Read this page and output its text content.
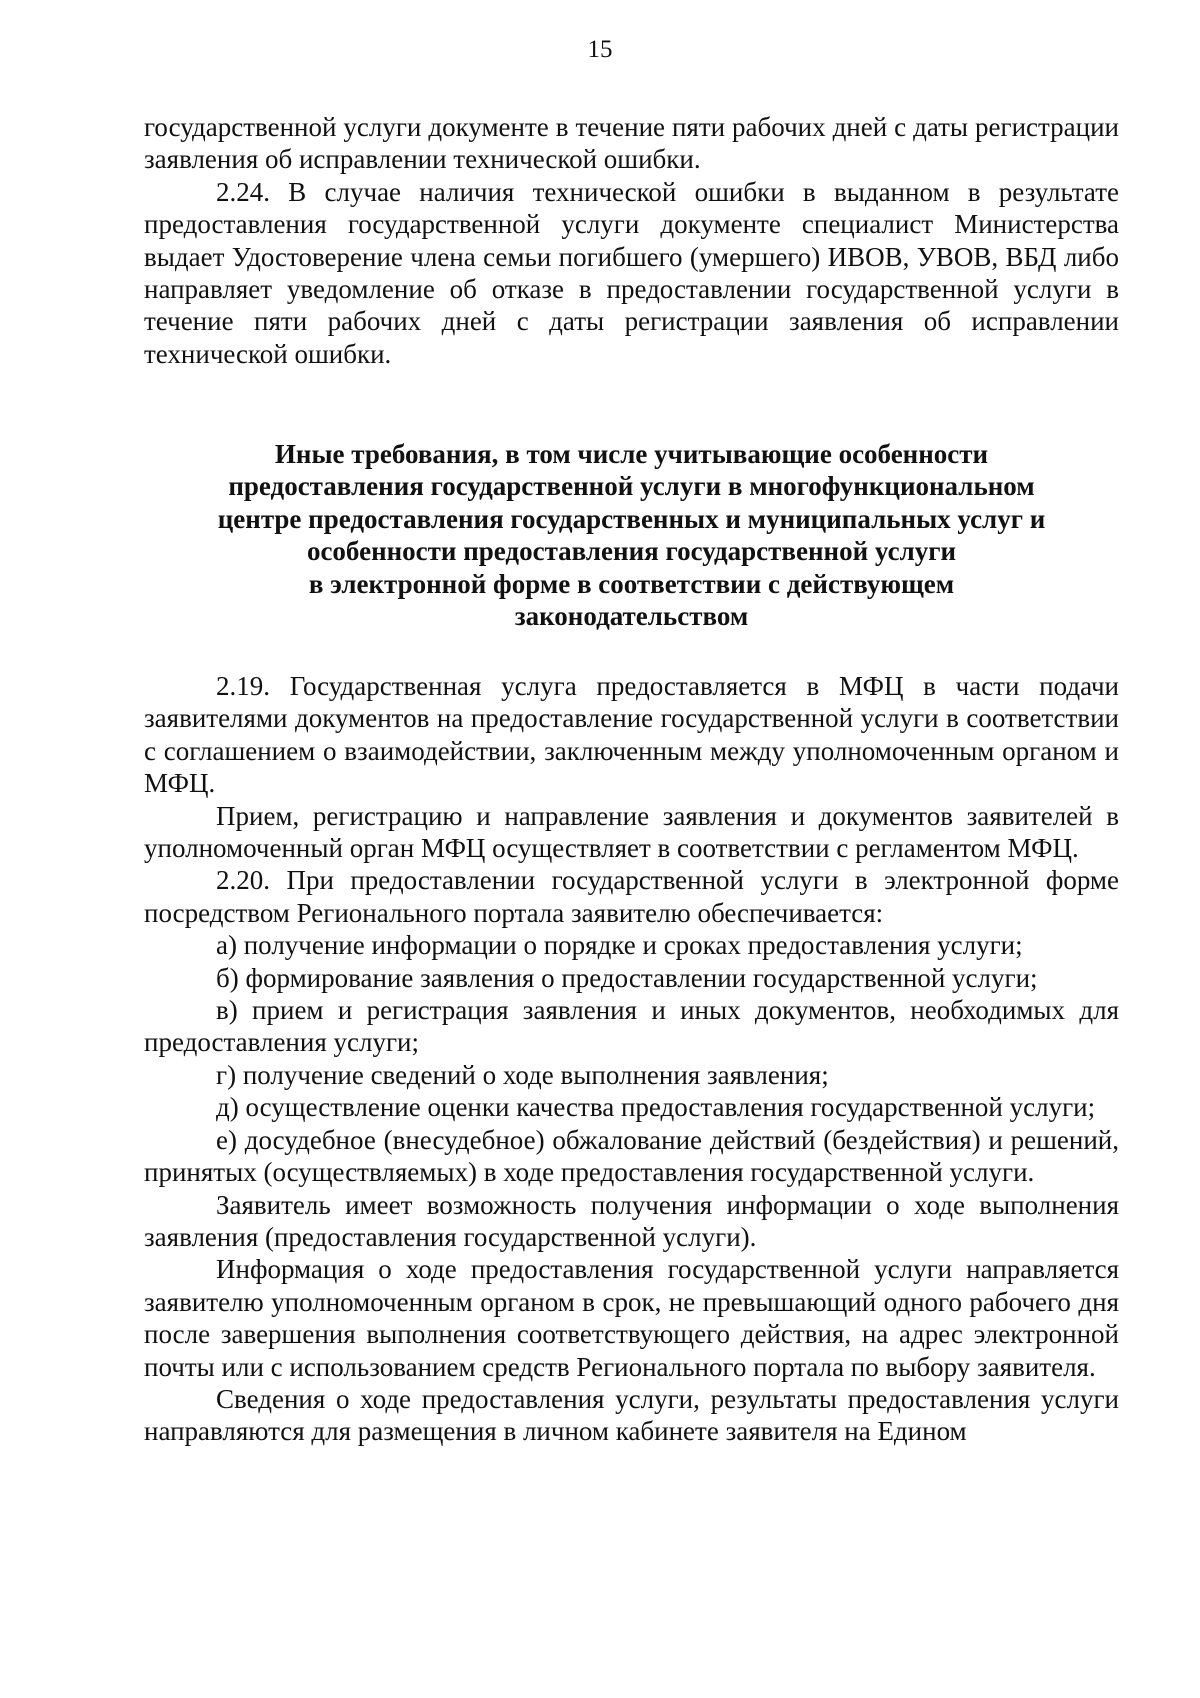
15

государственной услуги документе в течение пяти рабочих дней с даты регистрации заявления об исправлении технической ошибки.

2.24. В случае наличия технической ошибки в выданном в результате предоставления государственной услуги документе специалист Министерства выдает Удостоверение члена семьи погибшего (умершего) ИВОВ, УВОВ, ВБД либо направляет уведомление об отказе в предоставлении государственной услуги в течение пяти рабочих дней с даты регистрации заявления об исправлении технической ошибки.

Иные требования, в том числе учитывающие особенности
предоставления государственной услуги в многофункциональном
центре предоставления государственных и муниципальных услуг и
особенности предоставления государственной услуги
в электронной форме в соответствии с действующем
законодательством

2.19. Государственная услуга предоставляется в МФЦ в части подачи заявителями документов на предоставление государственной услуги в соответствии с соглашением о взаимодействии, заключенным между уполномоченным органом и МФЦ.

Прием, регистрацию и направление заявления и документов заявителей в уполномоченный орган МФЦ осуществляет в соответствии с регламентом МФЦ.

2.20. При предоставлении государственной услуги в электронной форме посредством Регионального портала заявителю обеспечивается:

а) получение информации о порядке и сроках предоставления услуги;

б) формирование заявления о предоставлении государственной услуги;

в) прием и регистрация заявления и иных документов, необходимых для предоставления услуги;

г) получение сведений о ходе выполнения заявления;

д) осуществление оценки качества предоставления государственной услуги;

е) досудебное (внесудебное) обжалование действий (бездействия) и решений, принятых (осуществляемых) в ходе предоставления государственной услуги.

Заявитель имеет возможность получения информации о ходе выполнения заявления (предоставления государственной услуги).

Информация о ходе предоставления государственной услуги направляется заявителю уполномоченным органом в срок, не превышающий одного рабочего дня после завершения выполнения соответствующего действия, на адрес электронной почты или с использованием средств Регионального портала по выбору заявителя.

Сведения о ходе предоставления услуги, результаты предоставления услуги направляются для размещения в личном кабинете заявителя на Едином
